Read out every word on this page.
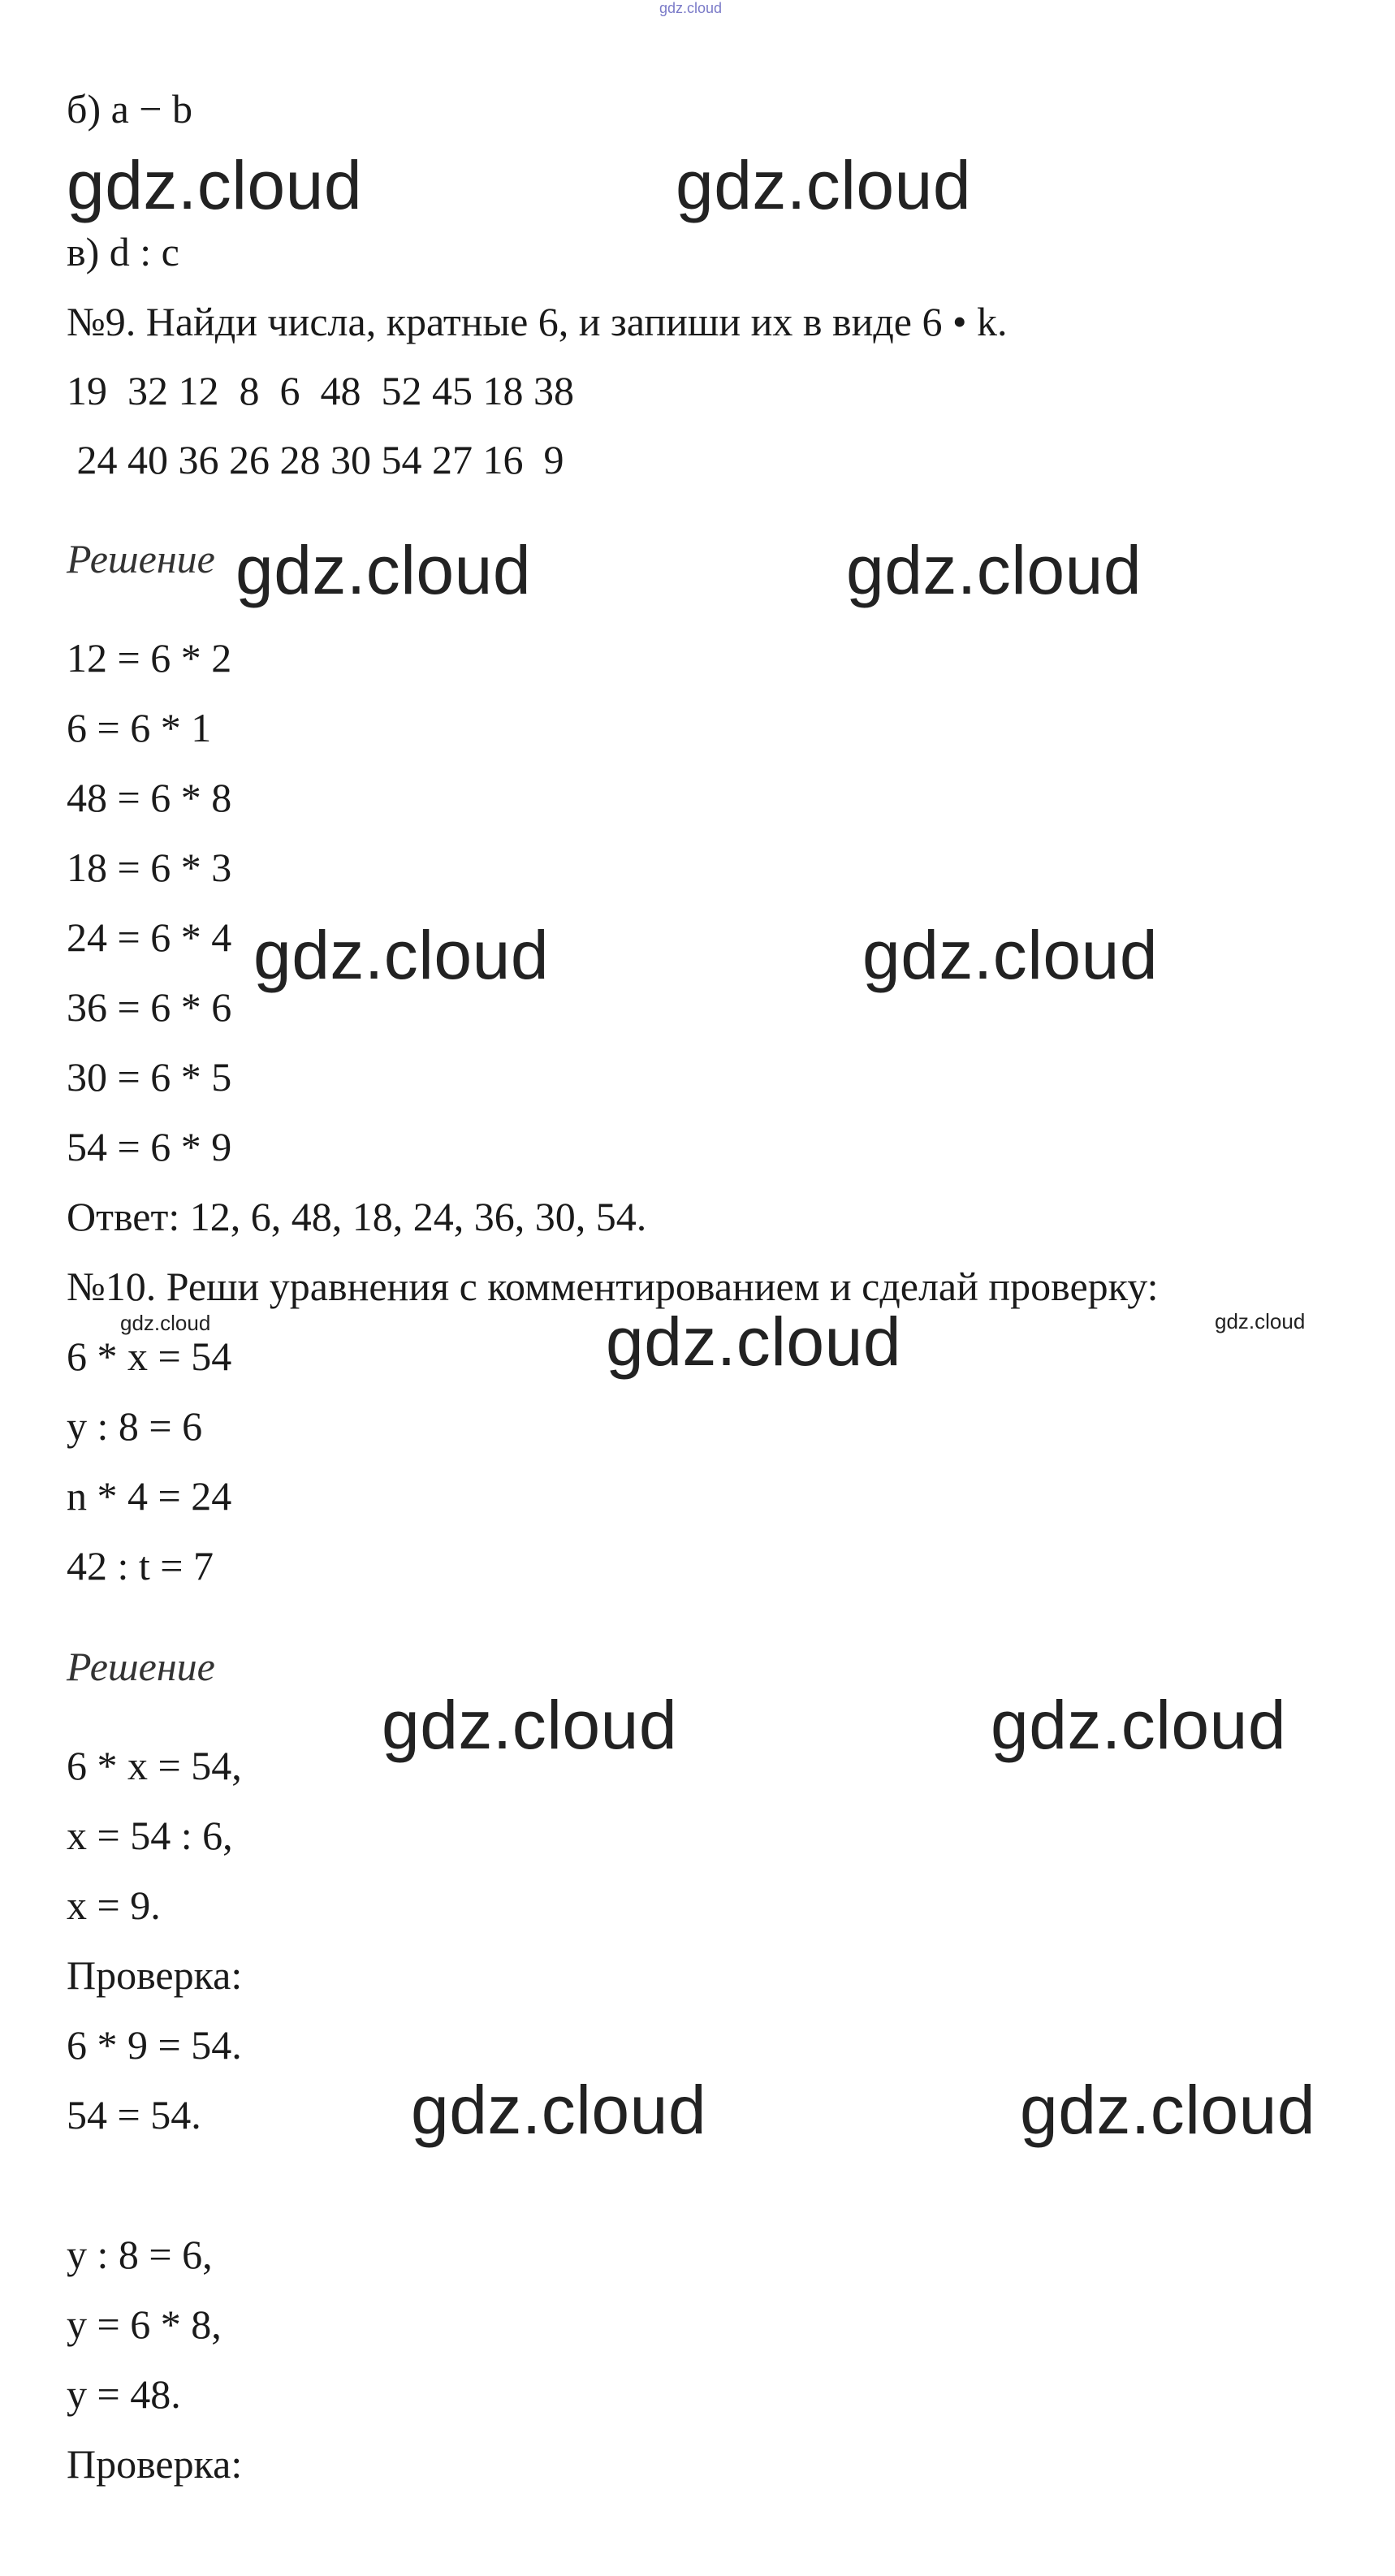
gdz.cloud
б) a − b
в) d : c
№9. Найди числа, кратные 6, и запиши их в виде 6 • k.
19  32 12  8  6  48  52 45 18 38
24 40 36 26 28 30 54 27 16  9
Решение
12 = 6 * 2
6 = 6 * 1
48 = 6 * 8
18 = 6 * 3
24 = 6 * 4
36 = 6 * 6
30 = 6 * 5
54 = 6 * 9
Ответ: 12, 6, 48, 18, 24, 36, 30, 54.
№10. Реши уравнения с комментированием и сделай проверку:
6 * x = 54
y : 8 = 6
n * 4 = 24
42 : t = 7
Решение
6 * x = 54,
x = 54 : 6,
x = 9.
Проверка:
6 * 9 = 54.
54 = 54.
y : 8 = 6,
y = 6 * 8,
y = 48.
Проверка:
gdz.cloud	gdz.cloud
gdz.cloud	gdz.cloud
gdz.cloud	gdz.cloud
gdz.cloud
gdz.cloud	gdz.cloud
gdz.cloud	gdz.cloud
gdz.cloud	gdz.cloud
